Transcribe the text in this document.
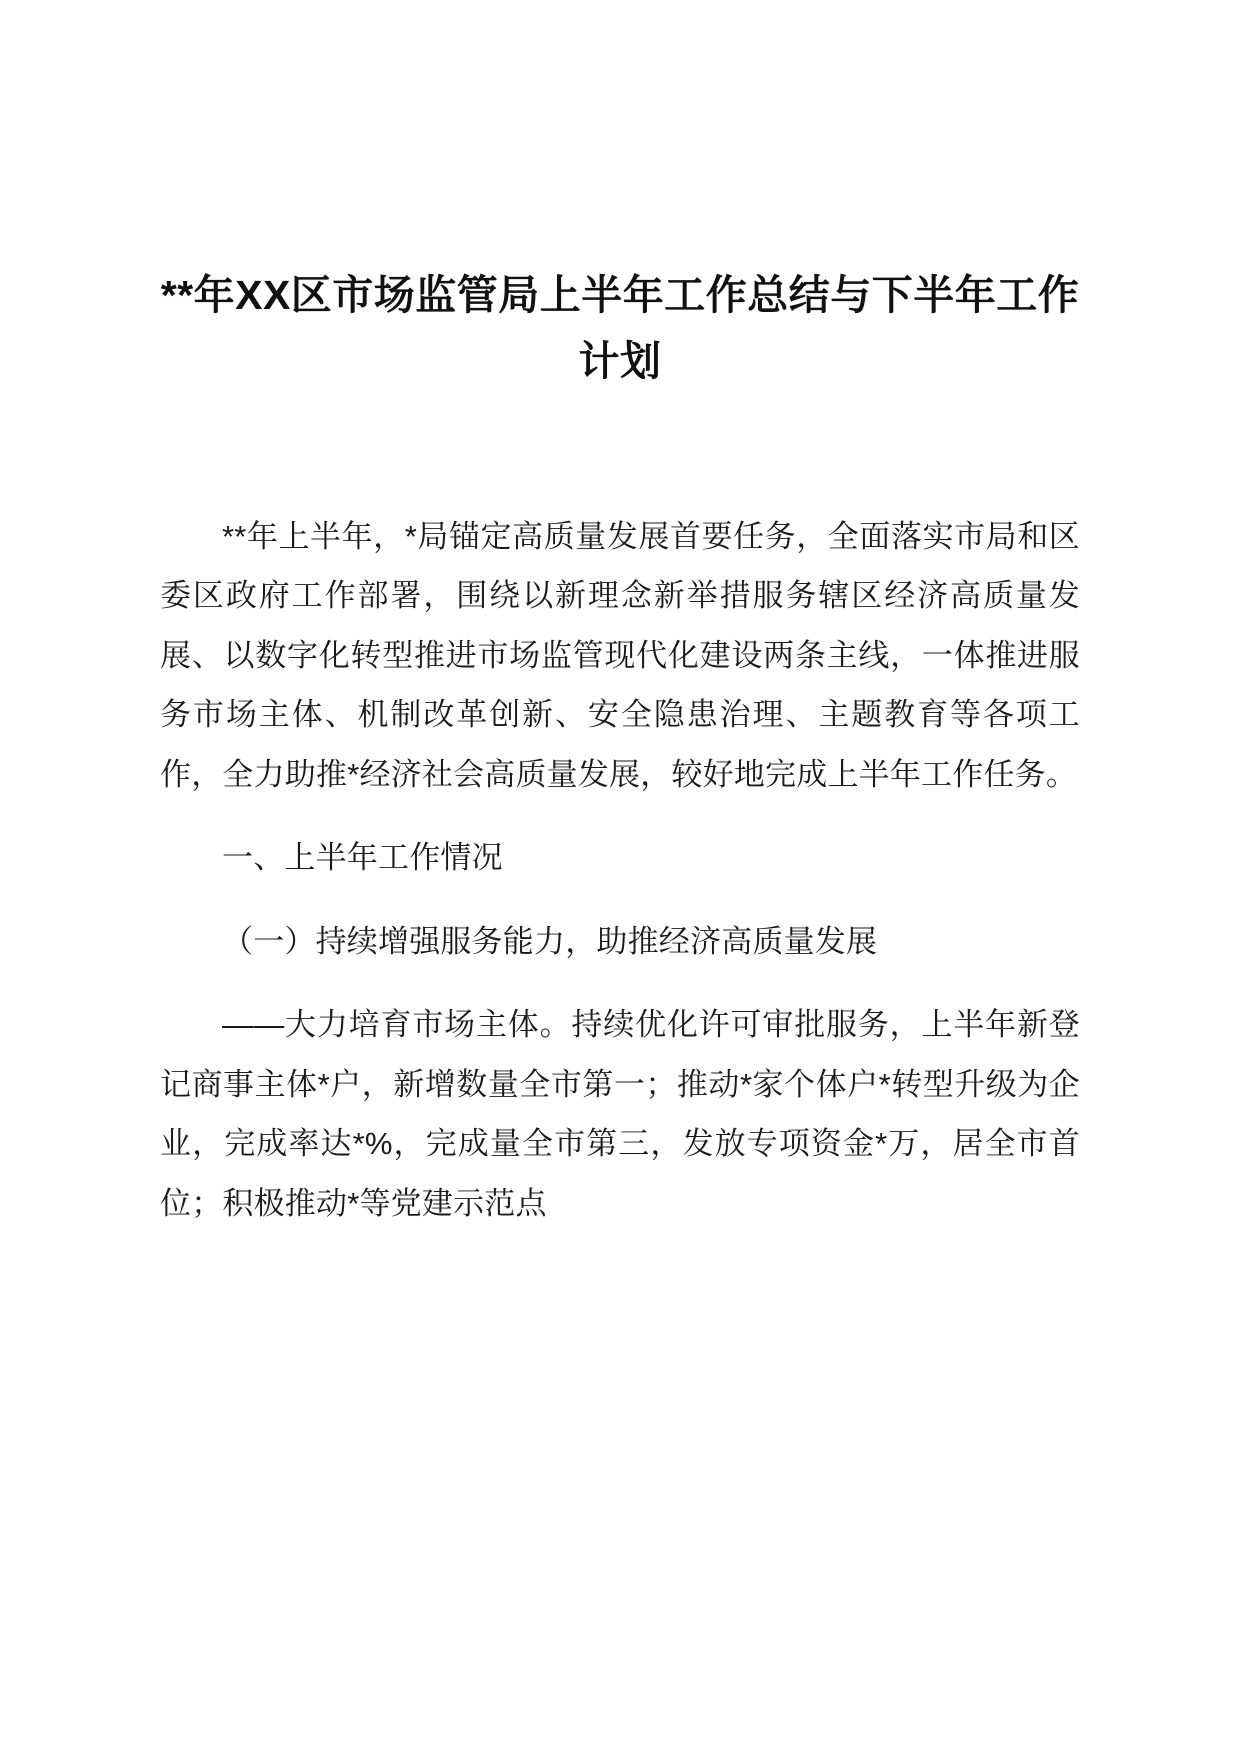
**年XX区市场监管局上半年工作总结与下半年工作计划

**年上半年，*局锚定高质量发展首要任务，全面落实市局和区委区政府工作部署，围绕以新理念新举措服务辖区经济高质量发展、以数字化转型推进市场监管现代化建设两条主线，一体推进服务市场主体、机制改革创新、安全隐患治理、主题教育等各项工作，全力助推*经济社会高质量发展，较好地完成上半年工作任务。

一、上半年工作情况

（一）持续增强服务能力，助推经济高质量发展

——大力培育市场主体。持续优化许可审批服务，上半年新登记商事主体*户，新增数量全市第一；推动*家个体户*转型升级为企业，完成率达*%，完成量全市第三，发放专项资金*万，居全市首位；积极推动*等党建示范点
